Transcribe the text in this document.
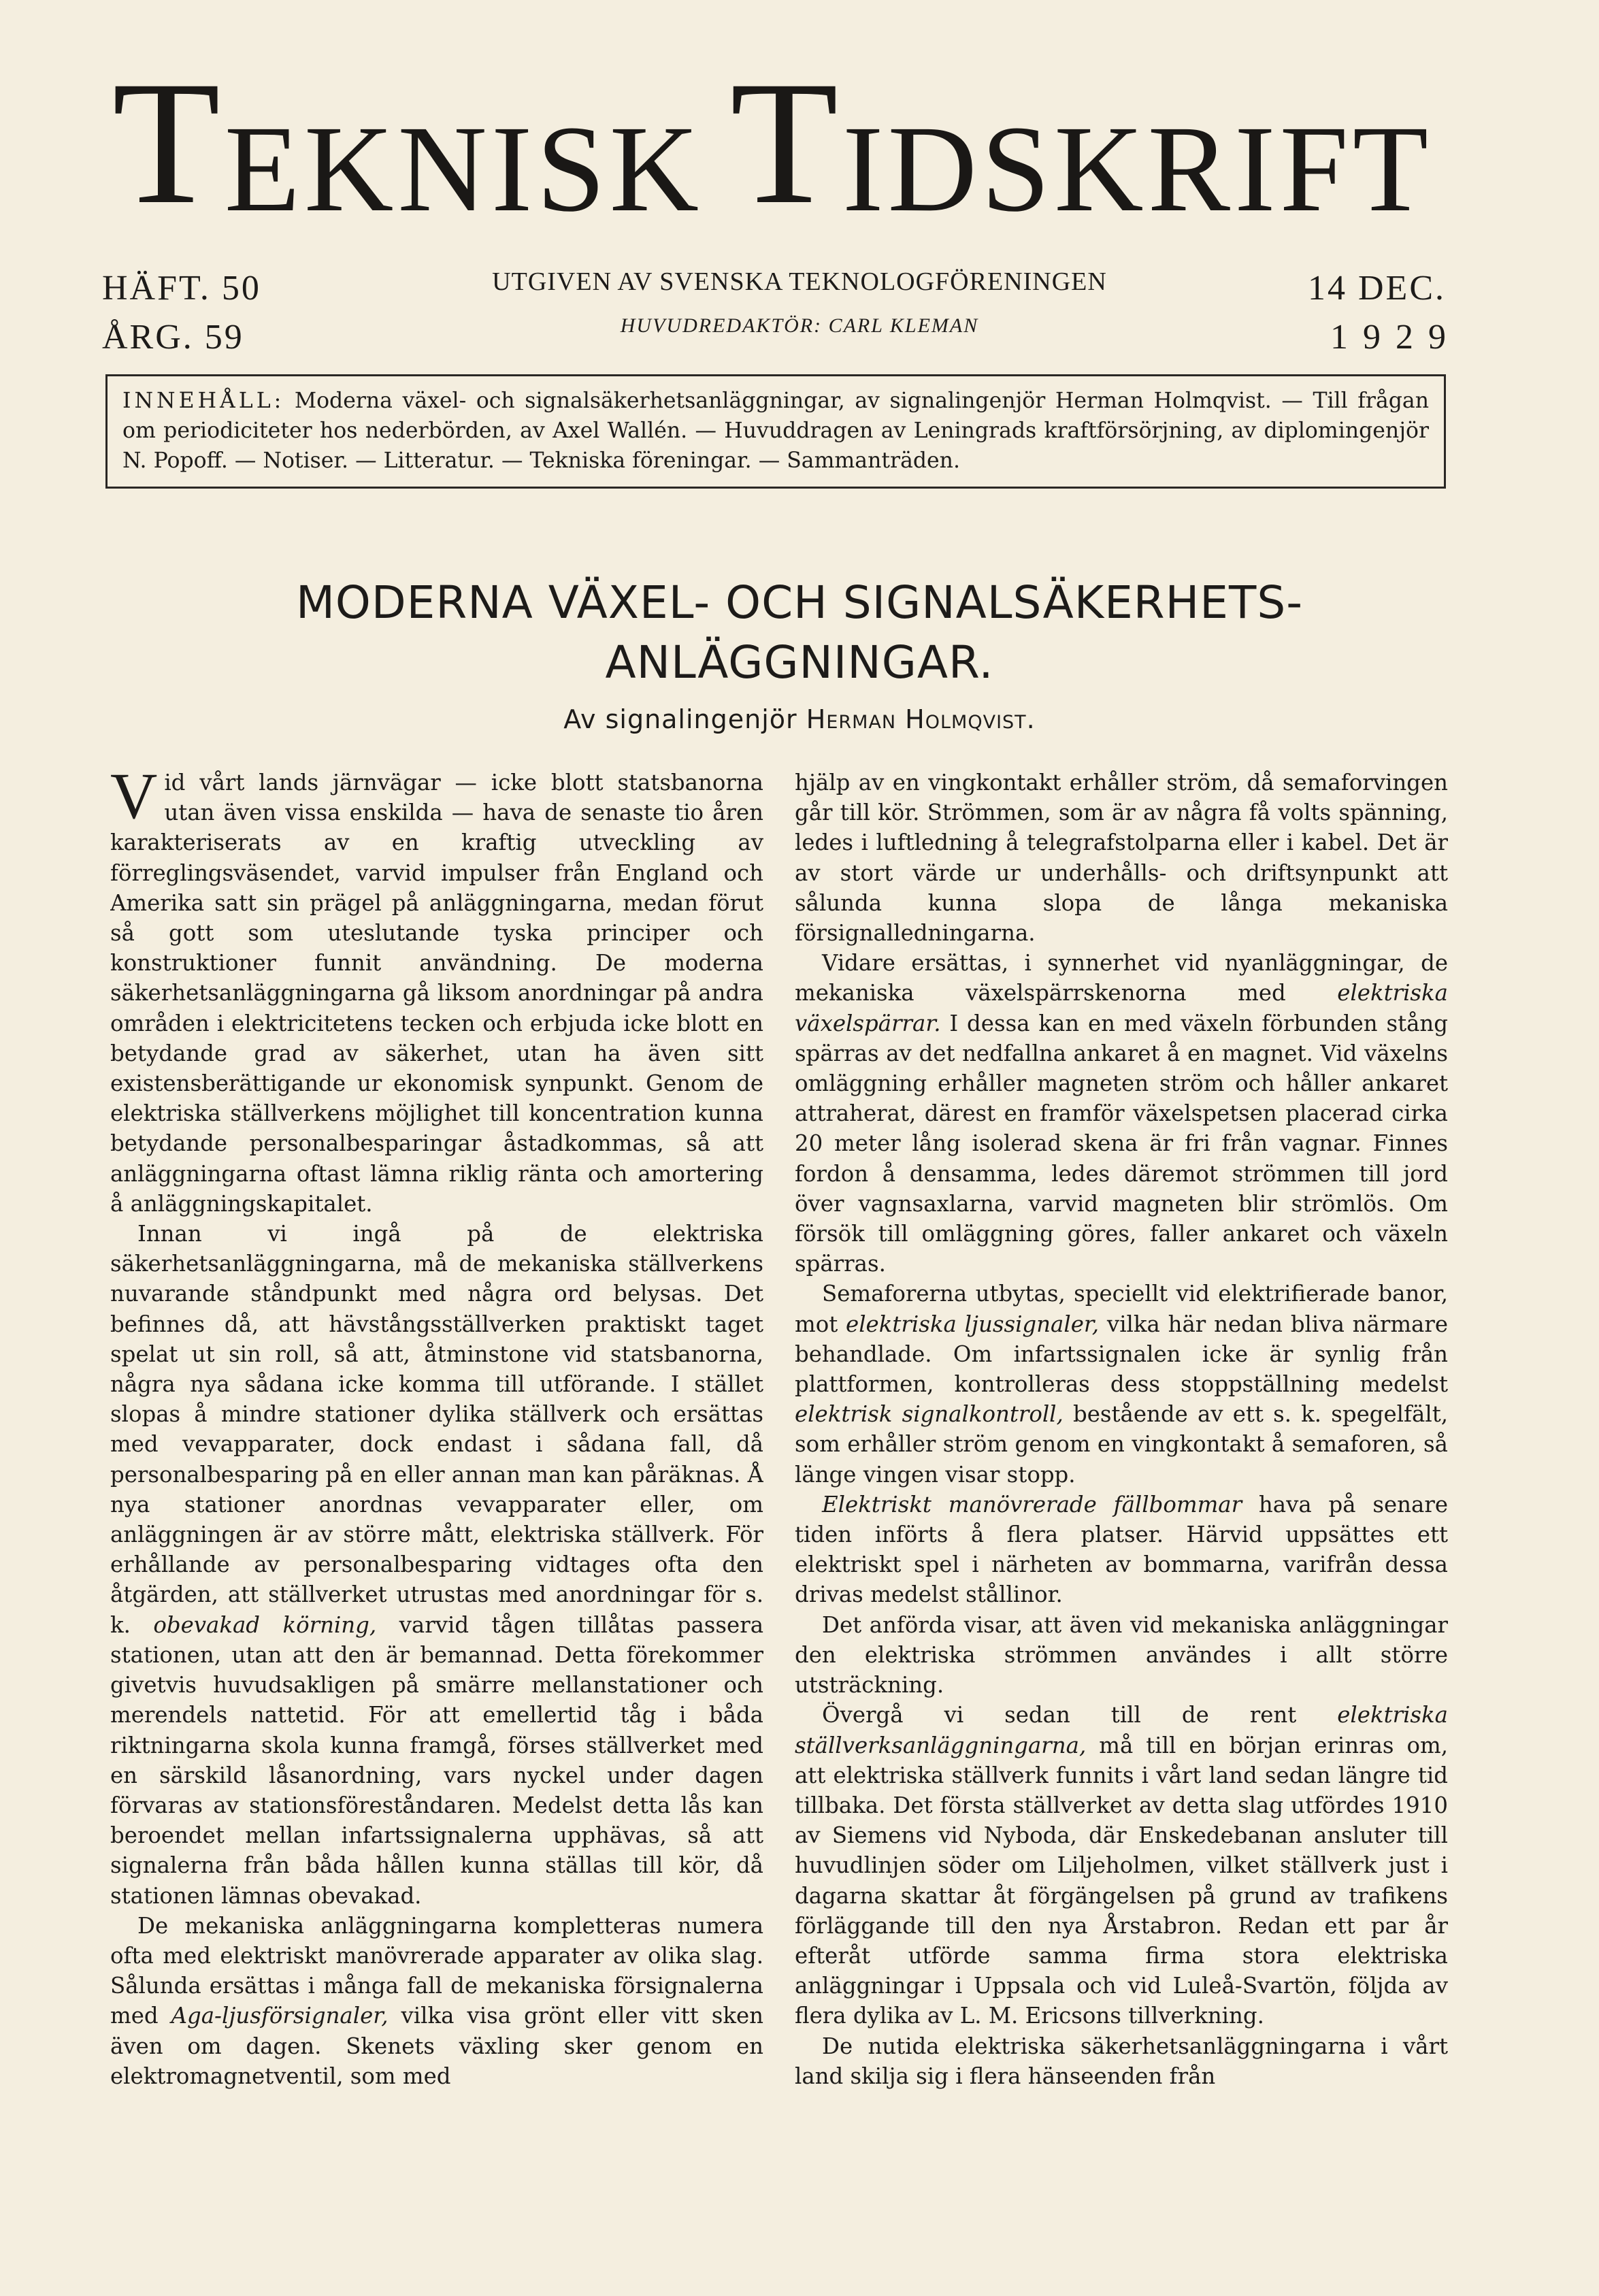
T EKNISK T IDSKRIFT
HÄFT. 50
ÅRG. 59
UTGIVEN AV SVENSKA TEKNOLOGFÖRENINGEN
HUVUDREDAKTÖR: CARL KLEMAN
14 DEC.
1929
INNEHÅLL: Moderna växel- och signalsäkerhetsanläggningar, av signalingenjör Herman Holmqvist. — Till frågan om periodiciteter hos nederbörden, av Axel Wallén. — Huvuddragen av Leningrads kraftförsörjning, av diplomingenjör N. Popoff. — Notiser. — Litteratur. — Tekniska föreningar. — Sammanträden.
MODERNA VÄXEL- OCH SIGNALSÄKERHETS-
ANLÄGGNINGAR.
Av signalingenjör Herman Holmqvist.

Vid vårt lands järnvägar — icke blott statsbanorna utan även vissa enskilda — hava de senaste tio åren karakteriserats av en kraftig utveckling av förreglingsväsendet, varvid impulser från England och Amerika satt sin prägel på anläggningarna, medan förut så gott som uteslutande tyska principer och konstruktioner funnit användning. De moderna säkerhetsanläggningarna gå liksom anordningar på andra områden i elektricitetens tecken och erbjuda icke blott en betydande grad av säkerhet, utan ha även sitt existensberättigande ur ekonomisk synpunkt. Genom de elektriska ställverkens möjlighet till koncentration kunna betydande personalbesparingar åstadkommas, så att anläggningarna oftast lämna riklig ränta och amortering å anläggningskapitalet.

Innan vi ingå på de elektriska säkerhetsanläggningarna, må de mekaniska ställverkens nuvarande ståndpunkt med några ord belysas. Det befinnes då, att hävstångsställverken praktiskt taget spelat ut sin roll, så att, åtminstone vid statsbanorna, några nya sådana icke komma till utförande. I stället slopas å mindre stationer dylika ställverk och ersättas med vevapparater, dock endast i sådana fall, då personalbesparing på en eller annan man kan påräknas. Å nya stationer anordnas vevapparater eller, om anläggningen är av större mått, elektriska ställverk. För erhållande av personalbesparing vidtages ofta den åtgärden, att ställverket utrustas med anordningar för s. k. obevakad körning, varvid tågen tillåtas passera stationen, utan att den är bemannad. Detta förekommer givetvis huvudsakligen på smärre mellanstationer och merendels nattetid. För att emellertid tåg i båda riktningarna skola kunna framgå, förses ställverket med en särskild låsanordning, vars nyckel under dagen förvaras av stationsföreståndaren. Medelst detta lås kan beroendet mellan infartssignalerna upphävas, så att signalerna från båda hållen kunna ställas till kör, då stationen lämnas obevakad.

De mekaniska anläggningarna kompletteras numera ofta med elektriskt manövrerade apparater av olika slag. Sålunda ersättas i många fall de mekaniska försignalerna med Aga-ljusförsignaler, vilka visa grönt eller vitt sken även om dagen. Skenets växling sker genom en elektromagnetventil, som med

hjälp av en vingkontakt erhåller ström, då semaforvingen går till kör. Strömmen, som är av några få volts spänning, ledes i luftledning å telegrafstolparna eller i kabel. Det är av stort värde ur underhålls- och driftsynpunkt att sålunda kunna slopa de långa mekaniska försignalledningarna.

Vidare ersättas, i synnerhet vid nyanläggningar, de mekaniska växelspärrskenorna med elektriska växelspärrar. I dessa kan en med växeln förbunden stång spärras av det nedfallna ankaret å en magnet. Vid växelns omläggning erhåller magneten ström och håller ankaret attraherat, därest en framför växelspetsen placerad cirka 20 meter lång isolerad skena är fri från vagnar. Finnes fordon å densamma, ledes däremot strömmen till jord över vagnsaxlarna, varvid magneten blir strömlös. Om försök till omläggning göres, faller ankaret och växeln spärras.

Semaforerna utbytas, speciellt vid elektrifierade banor, mot elektriska ljussignaler, vilka här nedan bliva närmare behandlade. Om infartssignalen icke är synlig från plattformen, kontrolleras dess stoppställning medelst elektrisk signalkontroll, bestående av ett s. k. spegelfält, som erhåller ström genom en vingkontakt å semaforen, så länge vingen visar stopp.

Elektriskt manövrerade fällbommar hava på senare tiden införts å flera platser. Härvid uppsättes ett elektriskt spel i närheten av bommarna, varifrån dessa drivas medelst stållinor.

Det anförda visar, att även vid mekaniska anläggningar den elektriska strömmen användes i allt större utsträckning.

Övergå vi sedan till de rent elektriska ställverksanläggningarna, må till en början erinras om, att elektriska ställverk funnits i vårt land sedan längre tid tillbaka. Det första ställverket av detta slag utfördes 1910 av Siemens vid Nyboda, där Enskedebanan ansluter till huvudlinjen söder om Liljeholmen, vilket ställverk just i dagarna skattar åt förgängelsen på grund av trafikens förläggande till den nya Årstabron. Redan ett par år efteråt utförde samma firma stora elektriska anläggningar i Uppsala och vid Luleå-Svartön, följda av flera dylika av L. M. Ericsons tillverkning.

De nutida elektriska säkerhetsanläggningarna i vårt land skilja sig i flera hänseenden från
